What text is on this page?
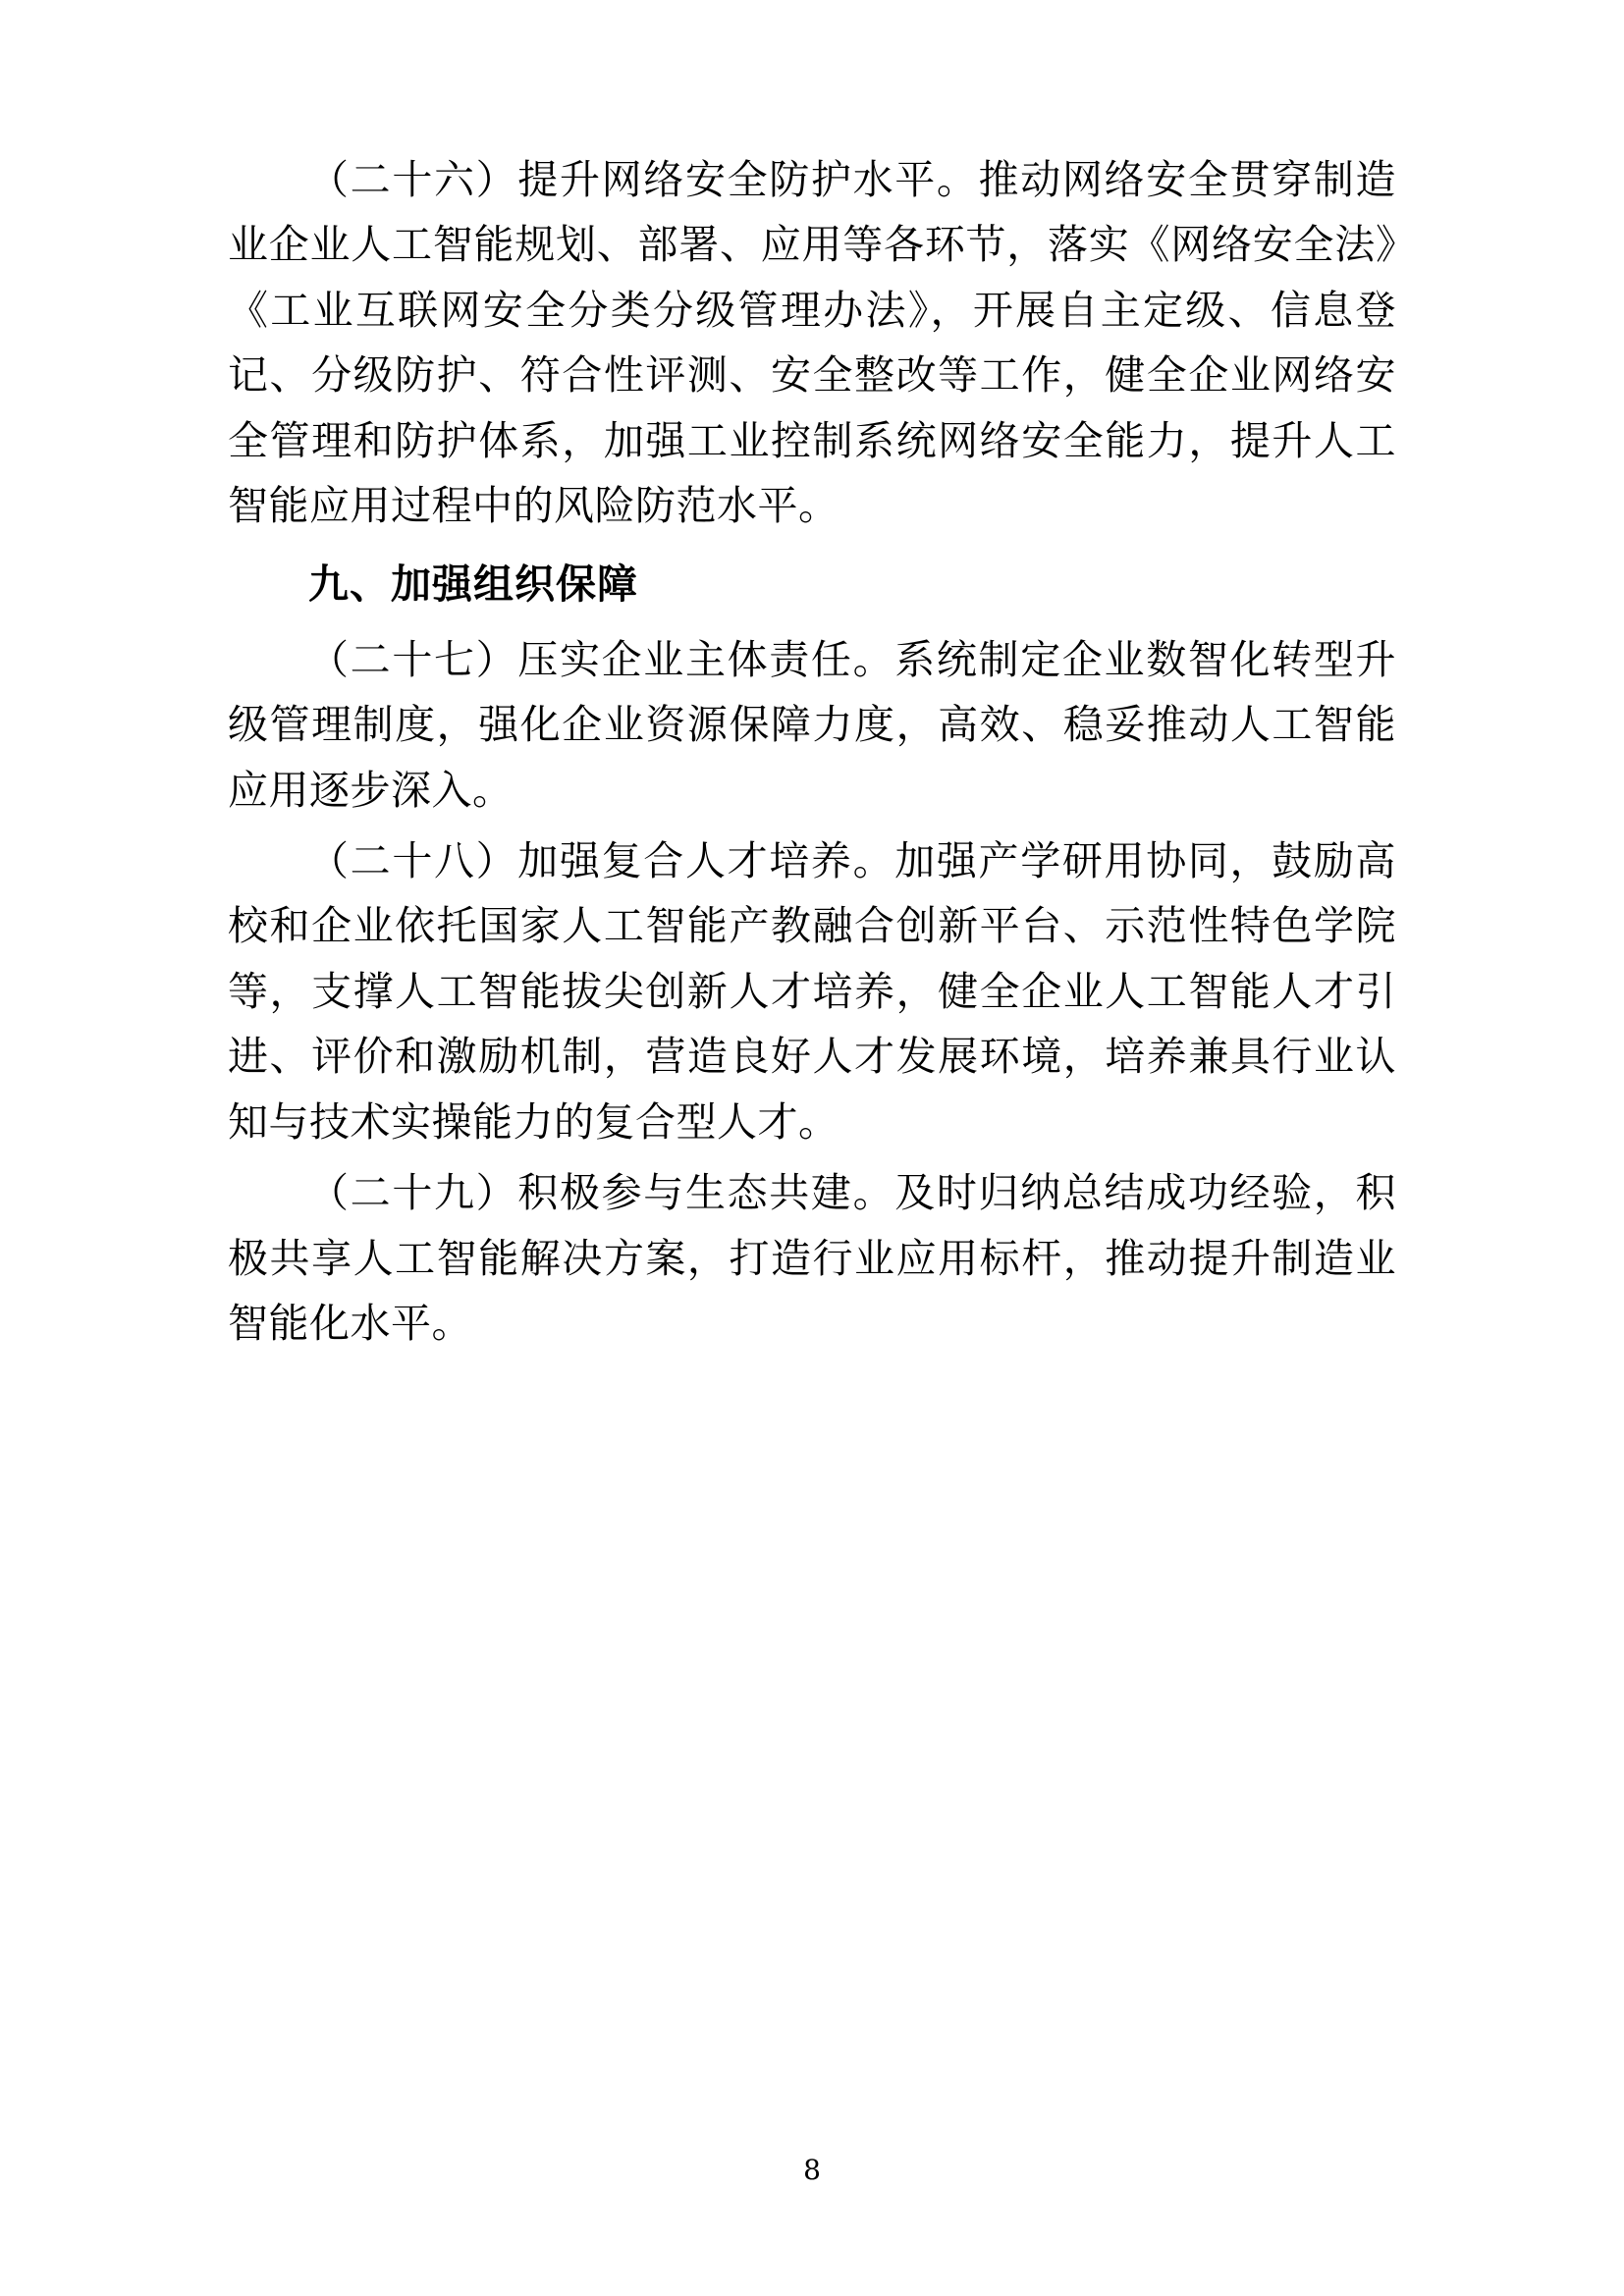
（二十六）提升网络安全防护水平。推动网络安全贯穿制造业企业人工智能规划、部署、应用等各环节，落实《网络安全法》《工业互联网安全分类分级管理办法》，开展自主定级、信息登记、分级防护、符合性评测、安全整改等工作，健全企业网络安全管理和防护体系，加强工业控制系统网络安全能力，提升人工智能应用过程中的风险防范水平。

九、加强组织保障

（二十七）压实企业主体责任。系统制定企业数智化转型升级管理制度，强化企业资源保障力度，高效、稳妥推动人工智能应用逐步深入。

（二十八）加强复合人才培养。加强产学研用协同，鼓励高校和企业依托国家人工智能产教融合创新平台、示范性特色学院等，支撑人工智能拔尖创新人才培养，健全企业人工智能人才引进、评价和激励机制，营造良好人才发展环境，培养兼具行业认知与技术实操能力的复合型人才。

（二十九）积极参与生态共建。及时归纳总结成功经验，积极共享人工智能解决方案，打造行业应用标杆，推动提升制造业智能化水平。

8
